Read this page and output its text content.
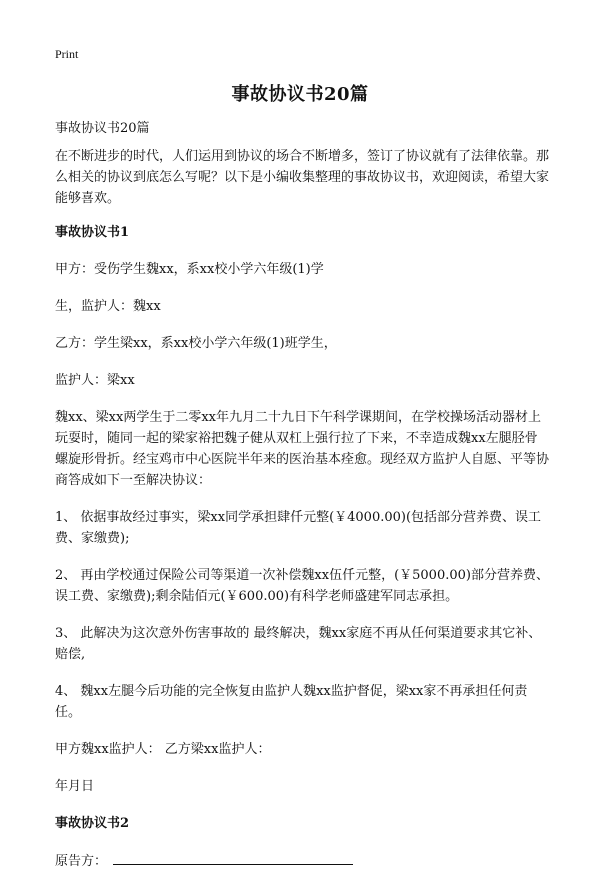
Print
事故协议书20篇

事故协议书20篇

在不断进步的时代，人们运用到协议的场合不断增多，签订了协议就有了法律依靠。那么相关的协议到底怎么写呢？以下是小编收集整理的事故协议书，欢迎阅读，希望大家能够喜欢。

事故协议书1

甲方：受伤学生魏xx，系xx校小学六年级(1)学

生，监护人：魏xx

乙方：学生梁xx，系xx校小学六年级(1)班学生，

监护人：梁xx

魏xx、梁xx两学生于二零xx年九月二十九日下午科学课期间，在学校操场活动器材上玩耍时，随同一起的梁家裕把魏子健从双杠上强行拉了下来，不幸造成魏xx左腿胫骨螺旋形骨折。经宝鸡市中心医院半年来的医治基本痊愈。现经双方监护人自愿、平等协商答成如下一至解决协议：

1、 依据事故经过事实，梁xx同学承担肆仟元整(￥4000.00)(包括部分营养费、误工费、家缴费);

2、 再由学校通过保险公司等渠道一次补偿魏xx伍仟元整，(￥5000.00)部分营养费、误工费、家缴费);剩余陆佰元(￥600.00)有科学老师盛建军同志承担。

3、 此解决为这次意外伤害事故的 最终解决，魏xx家庭不再从任何渠道要求其它补、赔偿,

4、 魏xx左腿今后功能的完全恢复由监护人魏xx监护督促，梁xx家不再承担任何责任。

甲方魏xx监护人： 乙方梁xx监护人：

年月日

事故协议书2

原告方：
